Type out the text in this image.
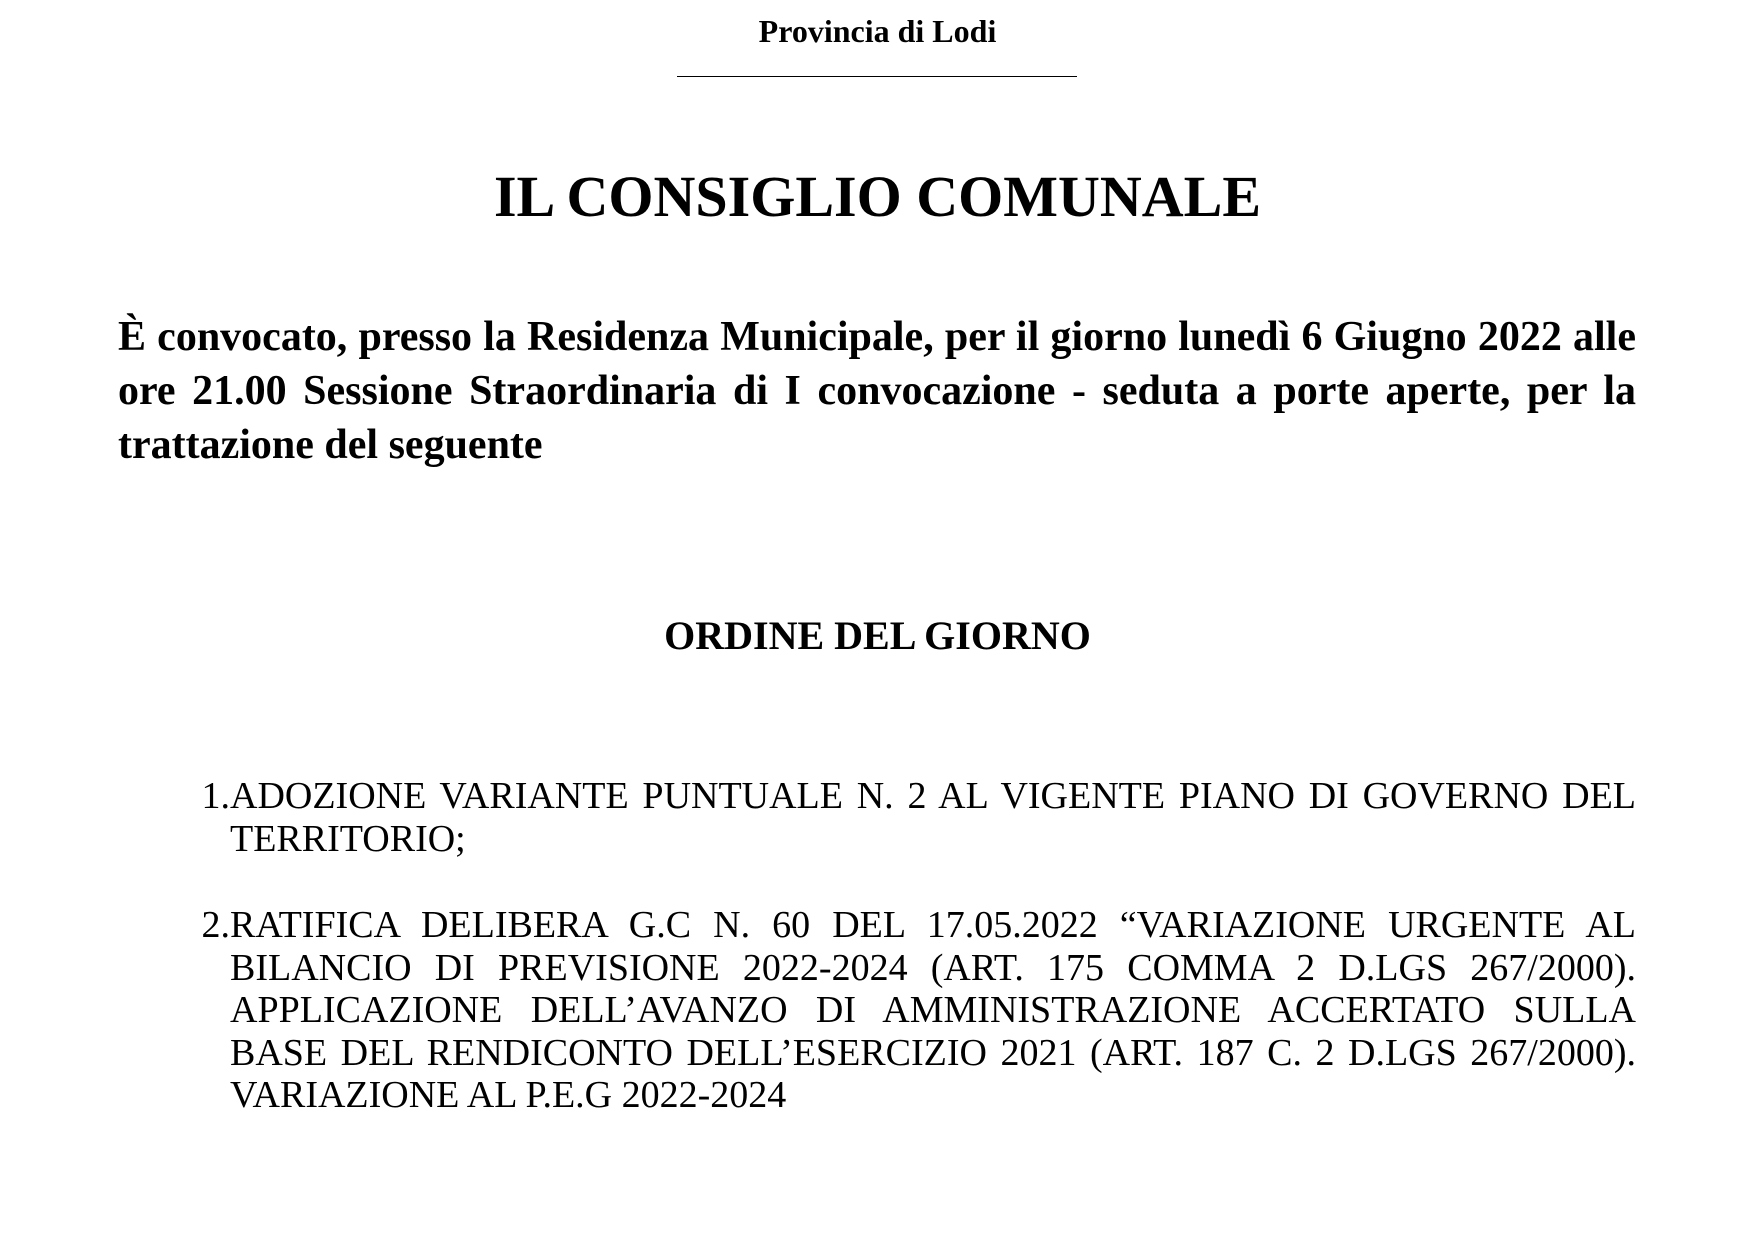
Provincia di Lodi
IL CONSIGLIO COMUNALE

È convocato, presso la Residenza Municipale, per il giorno lunedì 6 Giugno 2022 alle ore 21.00 Sessione Straordinaria di I convocazione - seduta a porte aperte, per la trattazione del seguente

ORDINE DEL GIORNO
1. ADOZIONE VARIANTE PUNTUALE N. 2 AL VIGENTE PIANO DI GOVERNO DEL TERRITORIO;
2. RATIFICA DELIBERA G.C N. 60 DEL 17.05.2022 “VARIAZIONE URGENTE AL BILANCIO DI PREVISIONE 2022-2024 (ART. 175 COMMA 2 D.LGS 267/2000). APPLICAZIONE DELL’AVANZO DI AMMINISTRAZIONE ACCERTATO SULLA BASE DEL RENDICONTO DELL’ESERCIZIO 2021 (ART. 187 C. 2 D.LGS 267/2000). VARIAZIONE AL P.E.G 2022-2024
